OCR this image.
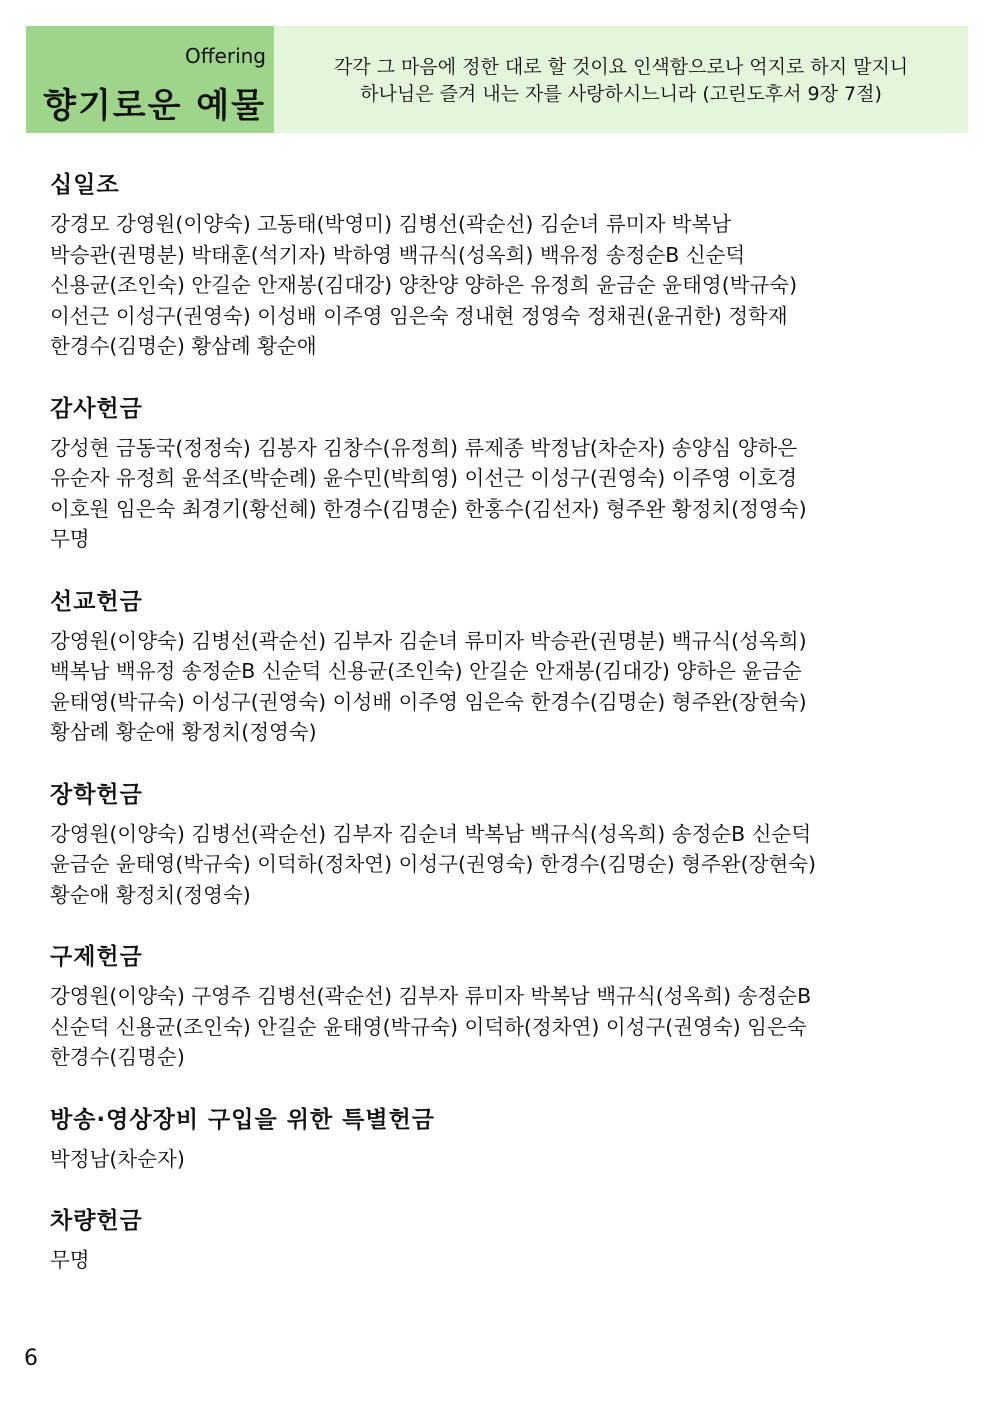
Offering
향기로운 예물
각각 그 마음에 정한 대로 할 것이요 인색함으로나 억지로 하지 말지니
하나님은 즐겨 내는 자를 사랑하시느니라 (고린도후서 9장 7절)
십일조
강경모 강영원(이양숙) 고동태(박영미) 김병선(곽순선) 김순녀 류미자 박복남
박승관(권명분) 박태훈(석기자) 박하영 백규식(성옥희) 백유정 송정순B 신순덕
신용균(조인숙) 안길순 안재봉(김대강) 양찬양 양하은 유정희 윤금순 윤태영(박규숙)
이선근 이성구(권영숙) 이성배 이주영 임은숙 정내현 정영숙 정채권(윤귀한) 정학재
한경수(김명순) 황삼례 황순애
감사헌금
강성현 금동국(정정숙) 김봉자 김창수(유정희) 류제종 박정남(차순자) 송양심 양하은
유순자 유정희 윤석조(박순례) 윤수민(박희영) 이선근 이성구(권영숙) 이주영 이호경
이호원 임은숙 최경기(황선혜) 한경수(김명순) 한홍수(김선자) 형주완 황정치(정영숙)
무명
선교헌금
강영원(이양숙) 김병선(곽순선) 김부자 김순녀 류미자 박승관(권명분) 백규식(성옥희)
백복남 백유정 송정순B 신순덕 신용균(조인숙) 안길순 안재봉(김대강) 양하은 윤금순
윤태영(박규숙) 이성구(권영숙) 이성배 이주영 임은숙 한경수(김명순) 형주완(장현숙)
황삼례 황순애 황정치(정영숙)
장학헌금
강영원(이양숙) 김병선(곽순선) 김부자 김순녀 박복남 백규식(성옥희) 송정순B 신순덕
윤금순 윤태영(박규숙) 이덕하(정차연) 이성구(권영숙) 한경수(김명순) 형주완(장현숙)
황순애 황정치(정영숙)
구제헌금
강영원(이양숙) 구영주 김병선(곽순선) 김부자 류미자 박복남 백규식(성옥희) 송정순B
신순덕 신용균(조인숙) 안길순 윤태영(박규숙) 이덕하(정차연) 이성구(권영숙) 임은숙
한경수(김명순)
방송·영상장비 구입을 위한 특별헌금
박정남(차순자)
차량헌금
무명
6
